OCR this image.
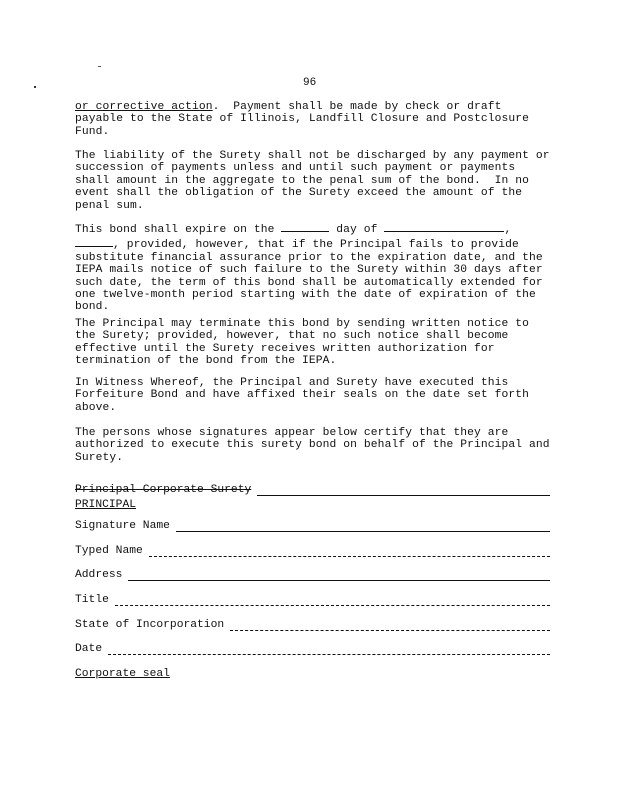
96

or corrective action.  Payment shall be made by check or draft payable to the State of Illinois, Landfill Closure and Postclosure Fund.

The liability of the Surety shall not be discharged by any payment or succession of payments unless and until such payment or payments shall amount in the aggregate to the penal sum of the bond.  In no event shall the obligation of the Surety exceed the amount of the penal sum.

This bond shall expire on the	day of	,
, provided, however, that if the Principal fails to provide substitute financial assurance prior to the expiration date, and the IEPA mails notice of such failure to the Surety within 30 days after such date, the term of this bond shall be automatically extended for one twelve-month period starting with the date of expiration of the bond.

The Principal may terminate this bond by sending written notice to the Surety; provided, however, that no such notice shall become effective until the Surety receives written authorization for termination of the bond from the IEPA.

In Witness Whereof, the Principal and Surety have executed this Forfeiture Bond and have affixed their seals on the date set forth above.

The persons whose signatures appear below certify that they are authorized to execute this surety bond on behalf of the Principal and Surety.

Principal Corporate Surety
PRINCIPAL
Signature Name
Typed Name
Address
Title
State of Incorporation
Date
Corporate seal
